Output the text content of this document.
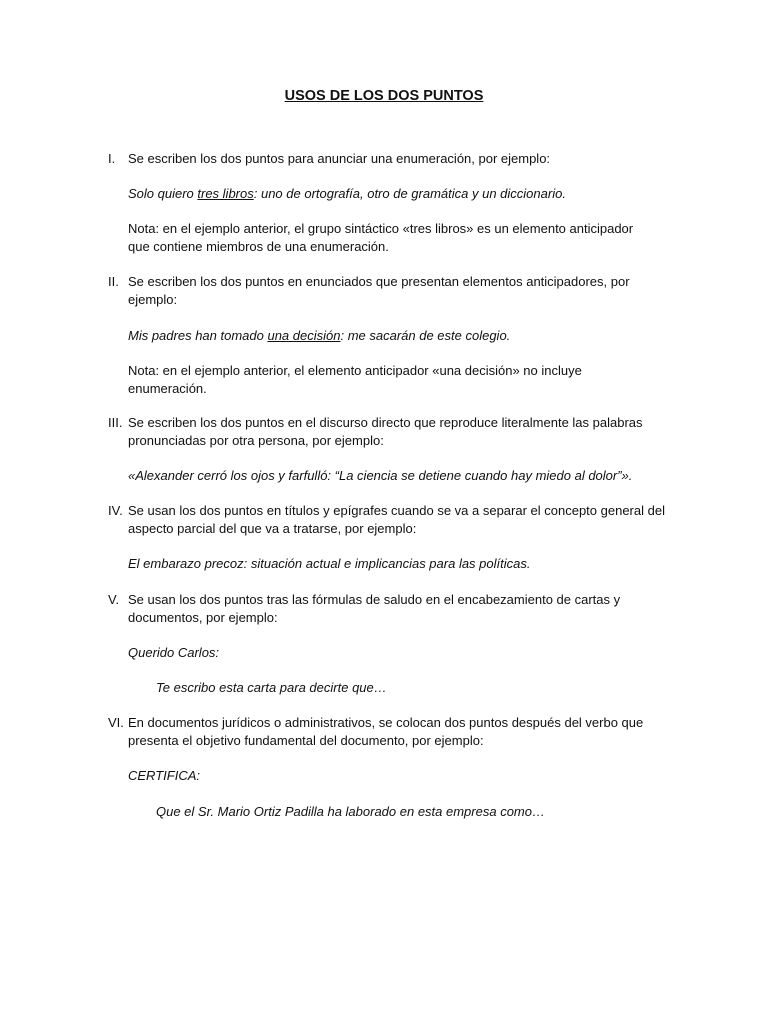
USOS DE LOS DOS PUNTOS
I. Se escriben los dos puntos para anunciar una enumeración, por ejemplo:
Solo quiero tres libros: uno de ortografía, otro de gramática y un diccionario.
Nota: en el ejemplo anterior, el grupo sintáctico «tres libros» es un elemento anticipador
que contiene miembros de una enumeración.
II. Se escriben los dos puntos en enunciados que presentan elementos anticipadores, por
ejemplo:
Mis padres han tomado una decisión: me sacarán de este colegio.
Nota: en el ejemplo anterior, el elemento anticipador «una decisión» no incluye
enumeración.
III. Se escriben los dos puntos en el discurso directo que reproduce literalmente las palabras
pronunciadas por otra persona, por ejemplo:
«Alexander cerró los ojos y farfulló: “La ciencia se detiene cuando hay miedo al dolor”».
IV. Se usan los dos puntos en títulos y epígrafes cuando se va a separar el concepto general del
aspecto parcial del que va a tratarse, por ejemplo:
El embarazo precoz: situación actual e implicancias para las políticas.
V. Se usan los dos puntos tras las fórmulas de saludo en el encabezamiento de cartas y
documentos, por ejemplo:
Querido Carlos:
Te escribo esta carta para decirte que…
VI. En documentos jurídicos o administrativos, se colocan dos puntos después del verbo que
presenta el objetivo fundamental del documento, por ejemplo:
CERTIFICA:
Que el Sr. Mario Ortiz Padilla ha laborado en esta empresa como…
